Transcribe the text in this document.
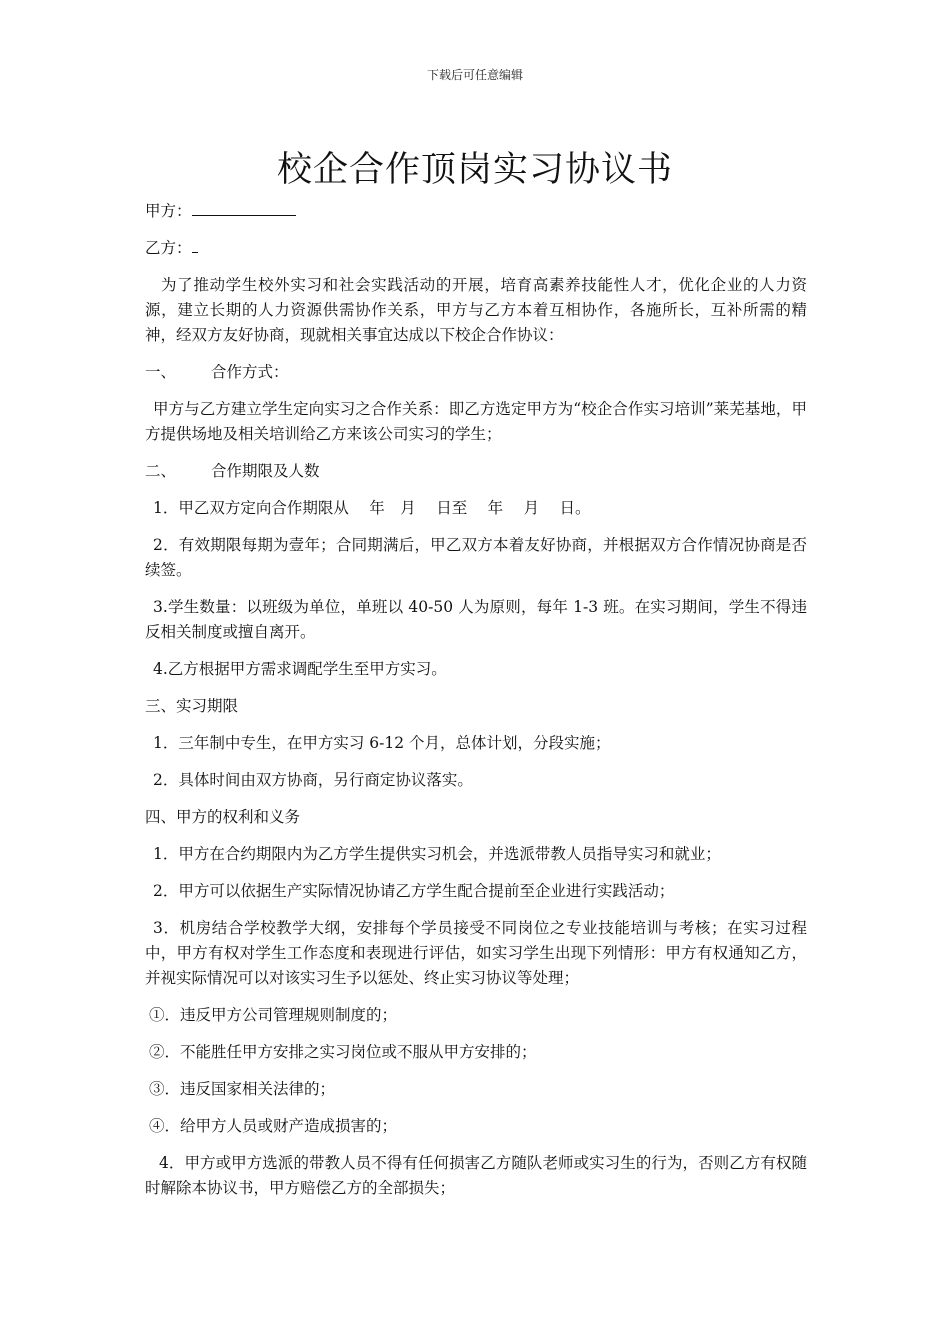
下载后可任意编辑
校企合作顶岗实习协议书

甲方：

乙方：

为了推动学生校外实习和社会实践活动的开展，培育高素养技能性人才，优化企业的人力资源，建立长期的人力资源供需协作关系，甲方与乙方本着互相协作，各施所长，互补所需的精神，经双方友好协商，现就相关事宜达成以下校企合作协议：

一、 合作方式：

甲方与乙方建立学生定向实习之合作关系：即乙方选定甲方为“校企合作实习培训”莱芜基地，甲方提供场地及相关培训给乙方来该公司实习的学生；

二、 合作期限及人数

1．甲乙双方定向合作期限从　 年　月　 日至　 年　 月　 日。

2．有效期限每期为壹年；合同期满后，甲乙双方本着友好协商，并根据双方合作情况协商是否续签。

3.学生数量：以班级为单位，单班以 40-50 人为原则，每年 1-3 班。在实习期间，学生不得违反相关制度或擅自离开。

4.乙方根据甲方需求调配学生至甲方实习。

三、实习期限

1．三年制中专生，在甲方实习 6-12 个月，总体计划，分段实施；

2．具体时间由双方协商，另行商定协议落实。

四、甲方的权利和义务

1．甲方在合约期限内为乙方学生提供实习机会，并选派带教人员指导实习和就业；

2．甲方可以依据生产实际情况协请乙方学生配合提前至企业进行实践活动；

3．机房结合学校教学大纲，安排每个学员接受不同岗位之专业技能培训与考核；在实习过程中，甲方有权对学生工作态度和表现进行评估，如实习学生出现下列情形：甲方有权通知乙方，并视实际情况可以对该实习生予以惩处、终止实习协议等处理；

①．违反甲方公司管理规则制度的；

②．不能胜任甲方安排之实习岗位或不服从甲方安排的；

③．违反国家相关法律的；

④．给甲方人员或财产造成损害的；

4．甲方或甲方选派的带教人员不得有任何损害乙方随队老师或实习生的行为，否则乙方有权随时解除本协议书，甲方赔偿乙方的全部损失；
